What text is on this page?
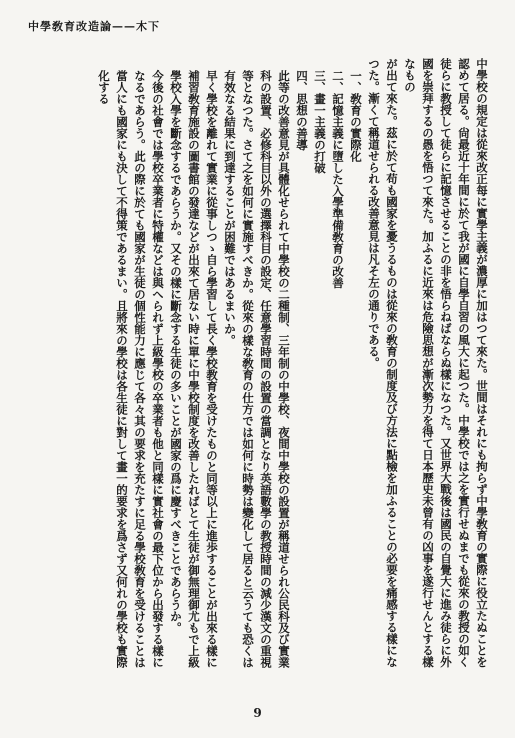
中學敎育改造論——木下

中學校の規定は從來改正每に實學主義が濃厚に加はつて來た。世間はそれにも拘らず中學敎育の實際に役立たぬことを認めて居る。尙最近十年間に於て我が國に自學自習の風大に起つた。中學校では之を實行せぬまでも從來の教授の如く徒らに教授して徒らに記憶させることの非を悟らねばならぬ樣になつた。又世界大戰後は國民の自覺大に進み徒らに外國を崇拜するの愚を悟つて來た。加ふるに近來は危險思想が漸次勢力を得て日本歷史未曾有の凶事を遂行せんとする樣なもの

が出て來た。茲に於て苟も國家を憂うるものは從來の敎育の制度及び方法に點檢を加ふることの必要を痛感する樣になつた。漸くて稱道せられる改善意見は凡そ左の通りである。

一、敎育の實際化

二、記憶主義に墮した入學準備敎育の改善

三、畫一主義の打破

四、思想の善導

此等の改善意見が具體化せられて中學校の二種制、三年制の中學校、夜間中學校の設置が稱道せられ公民科及び實業科の設置、必修科目以外の選擇科目の設定、任意學習時間の設置の當調となり英語數學の教授時間の減少漢文の重視等となつた。さて之を如何に實施すべきか。從來の樣な敎育の仕方では如何に時勢は變化して居ると云うても恐くは有效なる結果に到達することが困難ではあるまいか。

早く學校を離れて實業に從事しつゝ自ら學習して長く學校教育を受けたものと同等以上に進歩することが出來る樣に補習敎育施設の圖書館の發達などが出來て居ない時に單に中學校制度を改善したればとて生徒が御無理御尤もで上級學校入學を斷念するであらうか。又その樣に斷念する生徒の多いことが國家の爲に慶すべきことであらうか。

今後の社會では學校卒業者に特權などは與へられず上級學校の卒業者も他と同樣に實社會の最下位から出發する樣になるであらう。此の際に於ても國家が生徒の個性能力に應じて各々其の要求を充たすに足る學校敎育を受けることは當人にも國家にも決して不得策であるまい。且將來の學校は各生徒に對して畫一的要求を爲さず又何れの學校も實際化する

9
